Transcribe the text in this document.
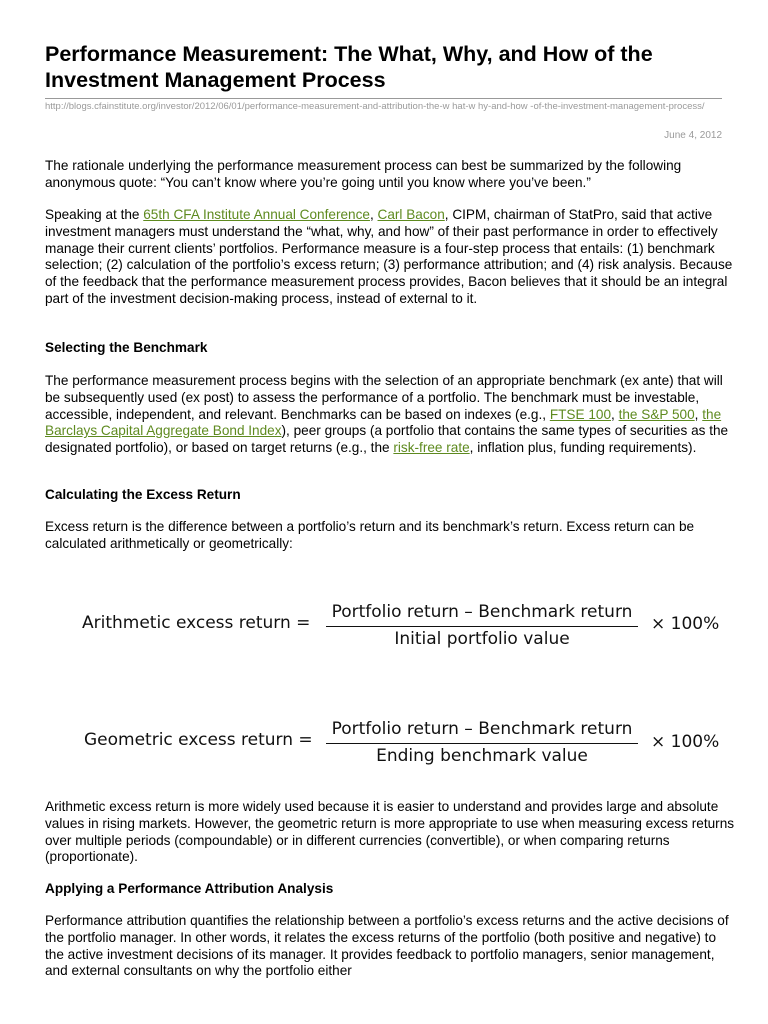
Performance Measurement: The What, Why, and How of the Investment Management Process
http://blogs.cfainstitute.org/investor/2012/06/01/performance-measurement-and-attribution-the-w hat-w hy-and-how -of-the-investment-management-process/
June 4, 2012

The rationale underlying the performance measurement process can best be summarized by the following anonymous quote: “You can’t know where you’re going until you know where you’ve been.”

Speaking at the 65th CFA Institute Annual Conference, Carl Bacon, CIPM, chairman of StatPro, said that active investment managers must understand the “what, why, and how” of their past performance in order to effectively manage their current clients’ portfolios. Performance measure is a four-step process that entails: (1) benchmark selection; (2) calculation of the portfolio’s excess return; (3) performance attribution; and (4) risk analysis. Because of the feedback that the performance measurement process provides, Bacon believes that it should be an integral part of the investment decision-making process, instead of external to it.

Selecting the Benchmark

The performance measurement process begins with the selection of an appropriate benchmark (ex ante) that will be subsequently used (ex post) to assess the performance of a portfolio. The benchmark must be investable, accessible, independent, and relevant. Benchmarks can be based on indexes (e.g., FTSE 100, the S&P 500, the Barclays Capital Aggregate Bond Index), peer groups (a portfolio that contains the same types of securities as the designated portfolio), or based on target returns (e.g., the risk-free rate, inflation plus, funding requirements).

Calculating the Excess Return

Excess return is the difference between a portfolio’s return and its benchmark’s return. Excess return can be calculated arithmetically or geometrically:

Arithmetic excess return =
Portfolio return – Benchmark return
Initial portfolio value
× 100%
Geometric excess return =
Portfolio return – Benchmark return
Ending benchmark value
× 100%

Arithmetic excess return is more widely used because it is easier to understand and provides large and absolute values in rising markets. However, the geometric return is more appropriate to use when measuring excess returns over multiple periods (compoundable) or in different currencies (convertible), or when comparing returns (proportionate).

Applying a Performance Attribution Analysis

Performance attribution quantifies the relationship between a portfolio’s excess returns and the active decisions of the portfolio manager. In other words, it relates the excess returns of the portfolio (both positive and negative) to the active investment decisions of its manager. It provides feedback to portfolio managers, senior management, and external consultants on why the portfolio either
